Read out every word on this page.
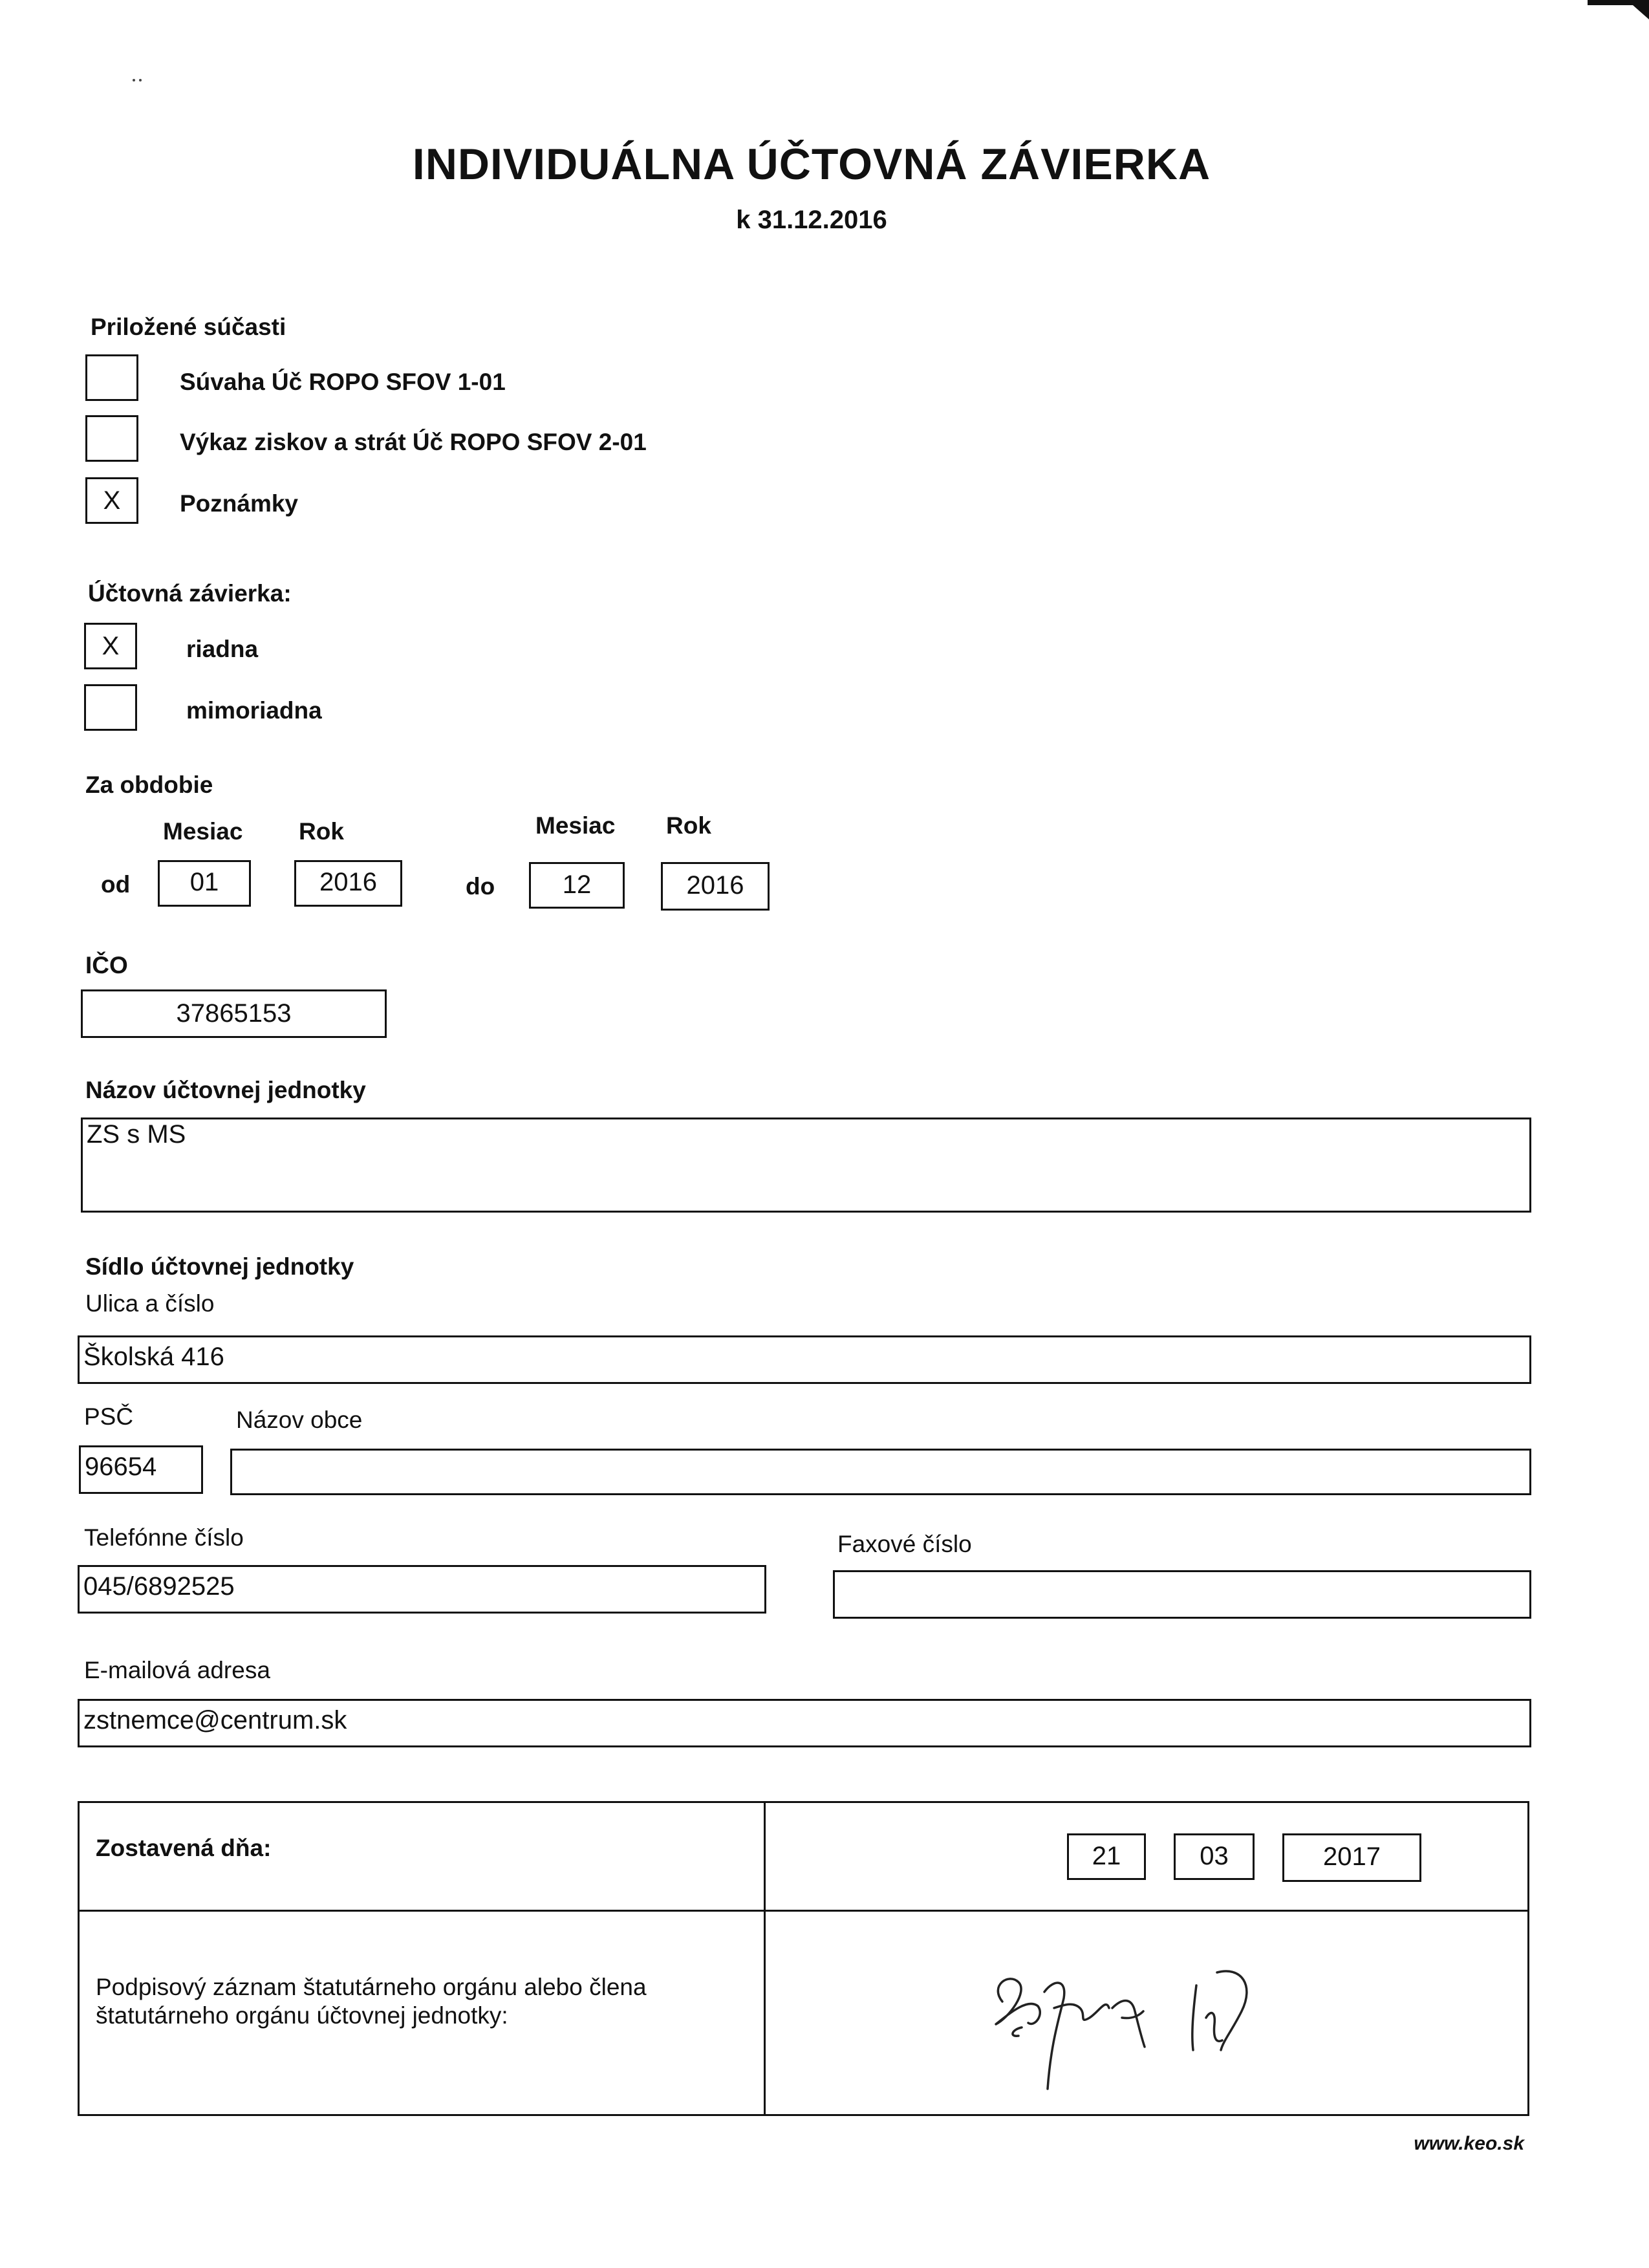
INDIVIDUÁLNA ÚČTOVNÁ ZÁVIERKA
k 31.12.2016
Priložené súčasti
Súvaha Úč ROPO SFOV 1-01
Výkaz ziskov a strát Úč ROPO SFOV 2-01
X	Poznámky
Účtovná závierka:
X	riadna
mimoriadna
Za obdobie
Mesiac Rok	Mesiac Rok
od	01	2016	do	12	2016
IČO
37865153
Názov účtovnej jednotky
ZS s MS
Sídlo účtovnej jednotky
Ulica a číslo
Školská 416
PSČ	Názov obce
96654
Telefónne číslo
045/6892525
Faxové číslo
E-mailová adresa
zstnemce@centrum.sk
Zostavená dňa:	21	03	2017
Podpisový záznam štatutárneho orgánu alebo člena
štatutárneho orgánu účtovnej jednotky:
www.keo.sk
